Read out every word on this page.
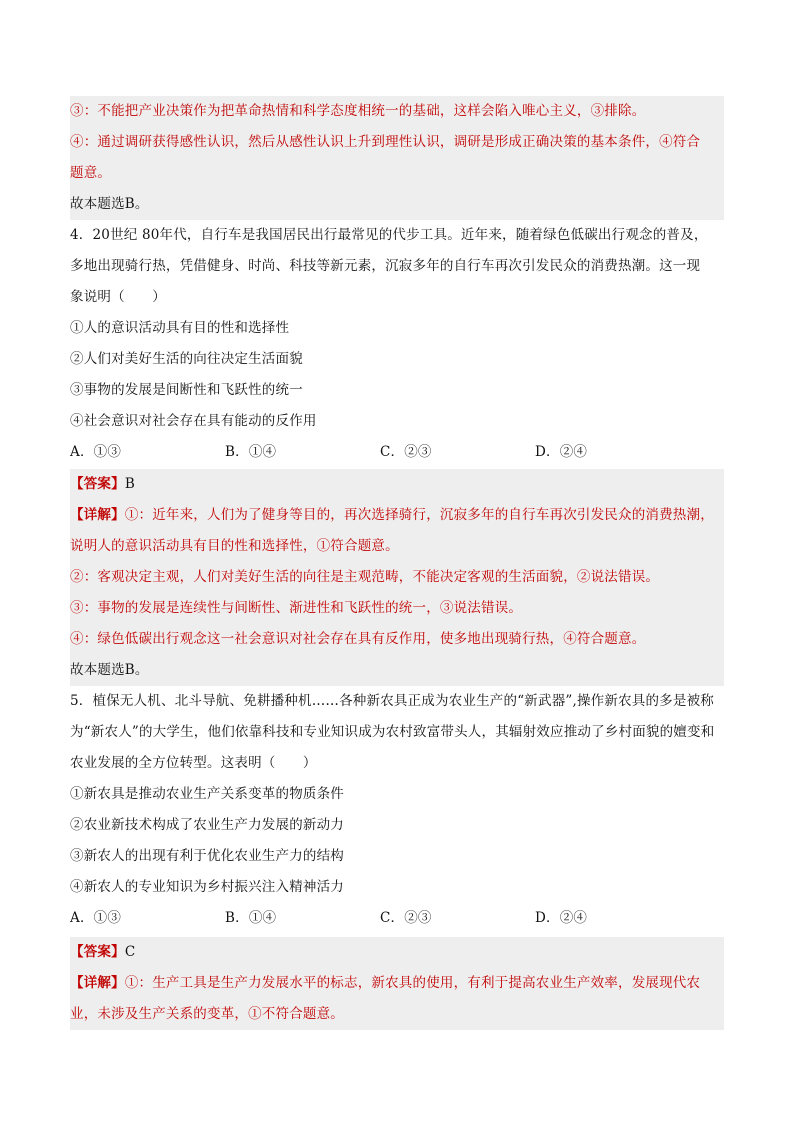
③：不能把产业决策作为把革命热情和科学态度相统一的基础，这样会陷入唯心主义，③排除。
④：通过调研获得感性认识，然后从感性认识上升到理性认识，调研是形成正确决策的基本条件，④符合
题意。
故本题选B。
4．20世纪 80年代，自行车是我国居民出行最常见的代步工具。近年来，随着绿色低碳出行观念的普及，
多地出现骑行热，凭借健身、时尚、科技等新元素，沉寂多年的自行车再次引发民众的消费热潮。这一现
象说明（　　）
①人的意识活动具有目的性和选择性
②人们对美好生活的向往决定生活面貌
③事物的发展是间断性和飞跃性的统一
④社会意识对社会存在具有能动的反作用
A．①③	B．①④	C．②③	D．②④
【答案】B
【详解】①：近年来，人们为了健身等目的，再次选择骑行，沉寂多年的自行车再次引发民众的消费热潮，
说明人的意识活动具有目的性和选择性，①符合题意。
②：客观决定主观，人们对美好生活的向往是主观范畴，不能决定客观的生活面貌，②说法错误。
③：事物的发展是连续性与间断性、渐进性和飞跃性的统一，③说法错误。
④：绿色低碳出行观念这一社会意识对社会存在具有反作用，使多地出现骑行热，④符合题意。
故本题选B。
5．植保无人机、北斗导航、免耕播种机……各种新农具正成为农业生产的“新武器”,操作新农具的多是被称
为“新农人”的大学生，他们依靠科技和专业知识成为农村致富带头人，其辐射效应推动了乡村面貌的嬗变和
农业发展的全方位转型。这表明（　　）
①新农具是推动农业生产关系变革的物质条件
②农业新技术构成了农业生产力发展的新动力
③新农人的出现有利于优化农业生产力的结构
④新农人的专业知识为乡村振兴注入精神活力
A．①③	B．①④	C．②③	D．②④
【答案】C
【详解】①：生产工具是生产力发展水平的标志，新农具的使用，有利于提高农业生产效率，发展现代农
业，未涉及生产关系的变革，①不符合题意。
